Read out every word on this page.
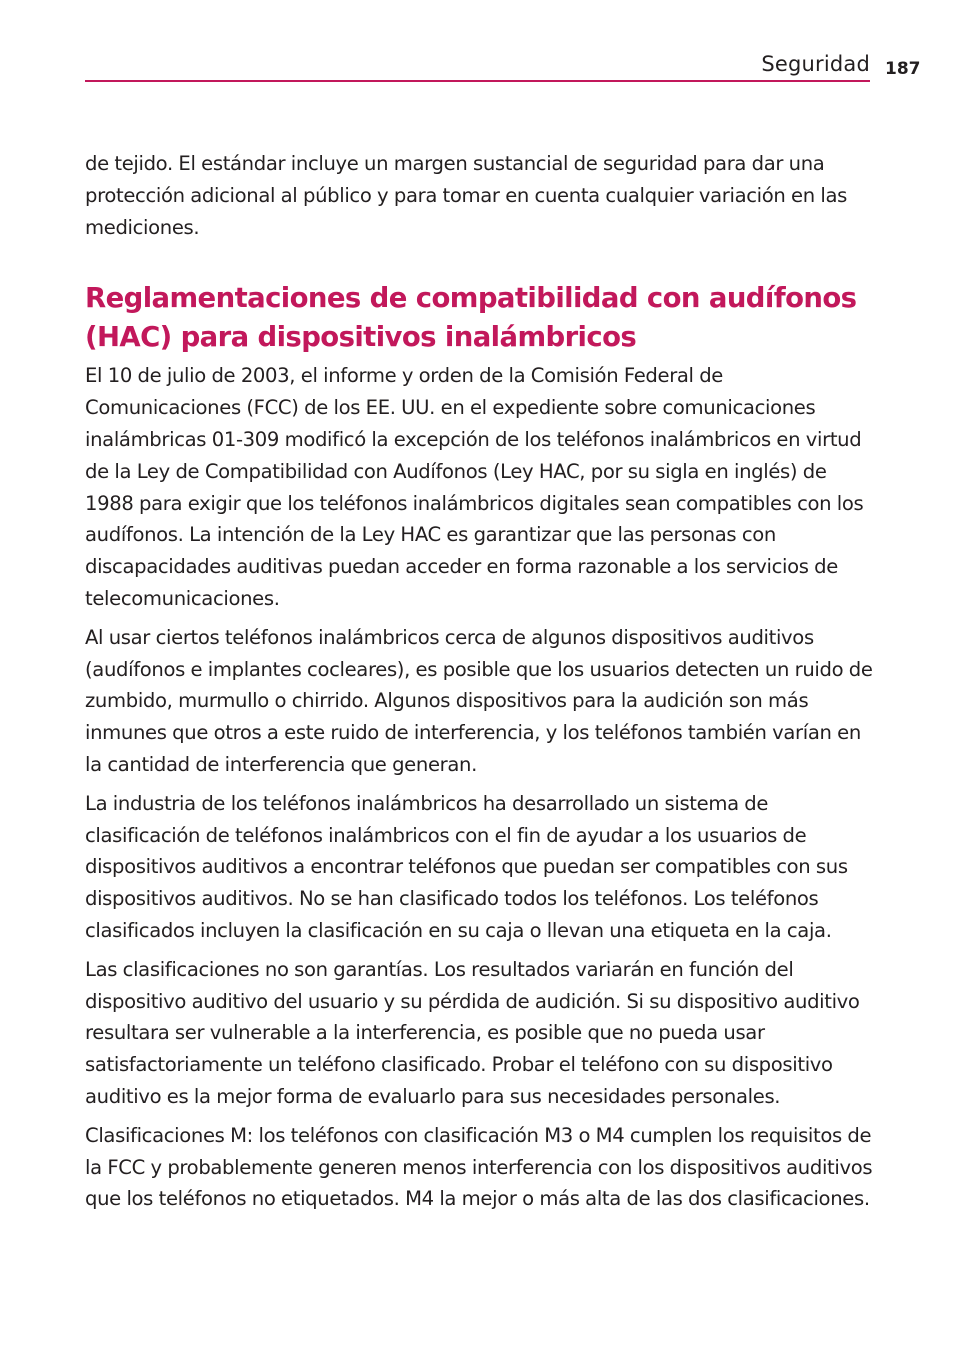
Seguridad 187

de tejido. El estándar incluye un margen sustancial de seguridad para dar una protección adicional al público y para tomar en cuenta cualquier variación en las mediciones.

Reglamentaciones de compatibilidad con audífonos (HAC) para dispositivos inalámbricos

El 10 de julio de 2003, el informe y orden de la Comisión Federal de Comunicaciones (FCC) de los EE. UU. en el expediente sobre comunicaciones inalámbricas 01-309 modificó la excepción de los teléfonos inalámbricos en virtud de la Ley de Compatibilidad con Audífonos (Ley HAC, por su sigla en inglés) de 1988 para exigir que los teléfonos inalámbricos digitales sean compatibles con los audífonos. La intención de la Ley HAC es garantizar que las personas con discapacidades auditivas puedan acceder en forma razonable a los servicios de telecomunicaciones.

Al usar ciertos teléfonos inalámbricos cerca de algunos dispositivos auditivos (audífonos e implantes cocleares), es posible que los usuarios detecten un ruido de zumbido, murmullo o chirrido. Algunos dispositivos para la audición son más inmunes que otros a este ruido de interferencia, y los teléfonos también varían en la cantidad de interferencia que generan.

La industria de los teléfonos inalámbricos ha desarrollado un sistema de clasificación de teléfonos inalámbricos con el fin de ayudar a los usuarios de dispositivos auditivos a encontrar teléfonos que puedan ser compatibles con sus dispositivos auditivos. No se han clasificado todos los teléfonos. Los teléfonos clasificados incluyen la clasificación en su caja o llevan una etiqueta en la caja.

Las clasificaciones no son garantías. Los resultados variarán en función del dispositivo auditivo del usuario y su pérdida de audición. Si su dispositivo auditivo resultara ser vulnerable a la interferencia, es posible que no pueda usar satisfactoriamente un teléfono clasificado. Probar el teléfono con su dispositivo auditivo es la mejor forma de evaluarlo para sus necesidades personales.

Clasificaciones M: los teléfonos con clasificación M3 o M4 cumplen los requisitos de la FCC y probablemente generen menos interferencia con los dispositivos auditivos que los teléfonos no etiquetados. M4 la mejor o más alta de las dos clasificaciones.
